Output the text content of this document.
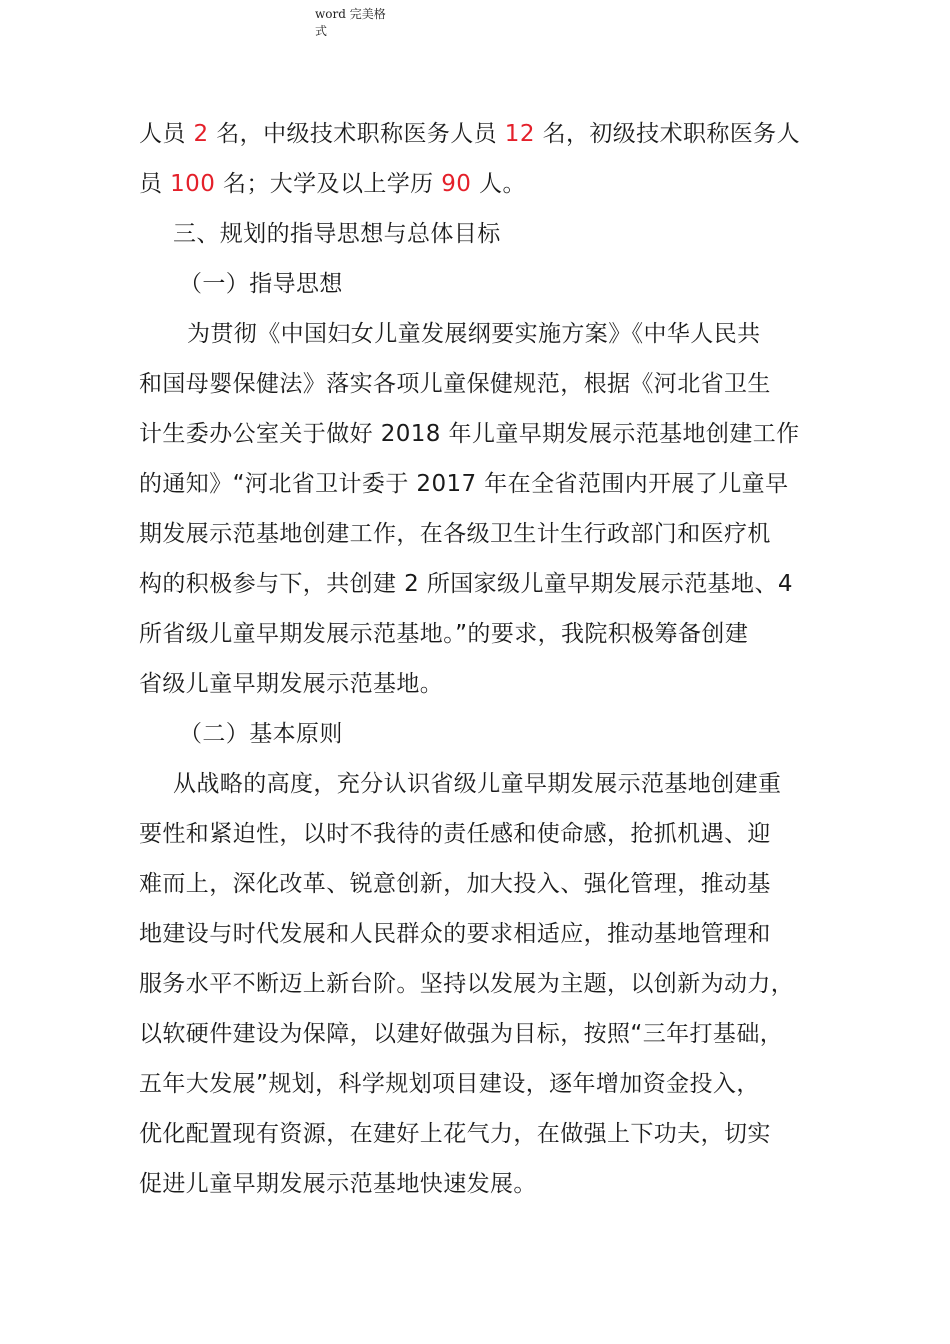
word 完美格
式
人员 2 名，中级技术职称医务人员 12 名，初级技术职称医务人
员 100 名；大学及以上学历 90 人。
三、规划的指导思想与总体目标
（一）指导思想
为贯彻《中国妇女儿童发展纲要实施方案》《中华人民共
和国母婴保健法》落实各项儿童保健规范，根据《河北省卫生
计生委办公室关于做好 2018 年儿童早期发展示范基地创建工作
的通知》“河北省卫计委于 2017 年在全省范围内开展了儿童早
期发展示范基地创建工作，在各级卫生计生行政部门和医疗机
构的积极参与下，共创建 2 所国家级儿童早期发展示范基地、4
所省级儿童早期发展示范基地。”的要求，我院积极筹备创建
省级儿童早期发展示范基地。
（二）基本原则
从战略的高度，充分认识省级儿童早期发展示范基地创建重
要性和紧迫性，以时不我待的责任感和使命感，抢抓机遇、迎
难而上，深化改革、锐意创新，加大投入、强化管理，推动基
地建设与时代发展和人民群众的要求相适应，推动基地管理和
服务水平不断迈上新台阶。坚持以发展为主题，以创新为动力，
以软硬件建设为保障，以建好做强为目标，按照“三年打基础，
五年大发展”规划，科学规划项目建设，逐年增加资金投入，
优化配置现有资源，在建好上花气力，在做强上下功夫，切实
促进儿童早期发展示范基地快速发展。
